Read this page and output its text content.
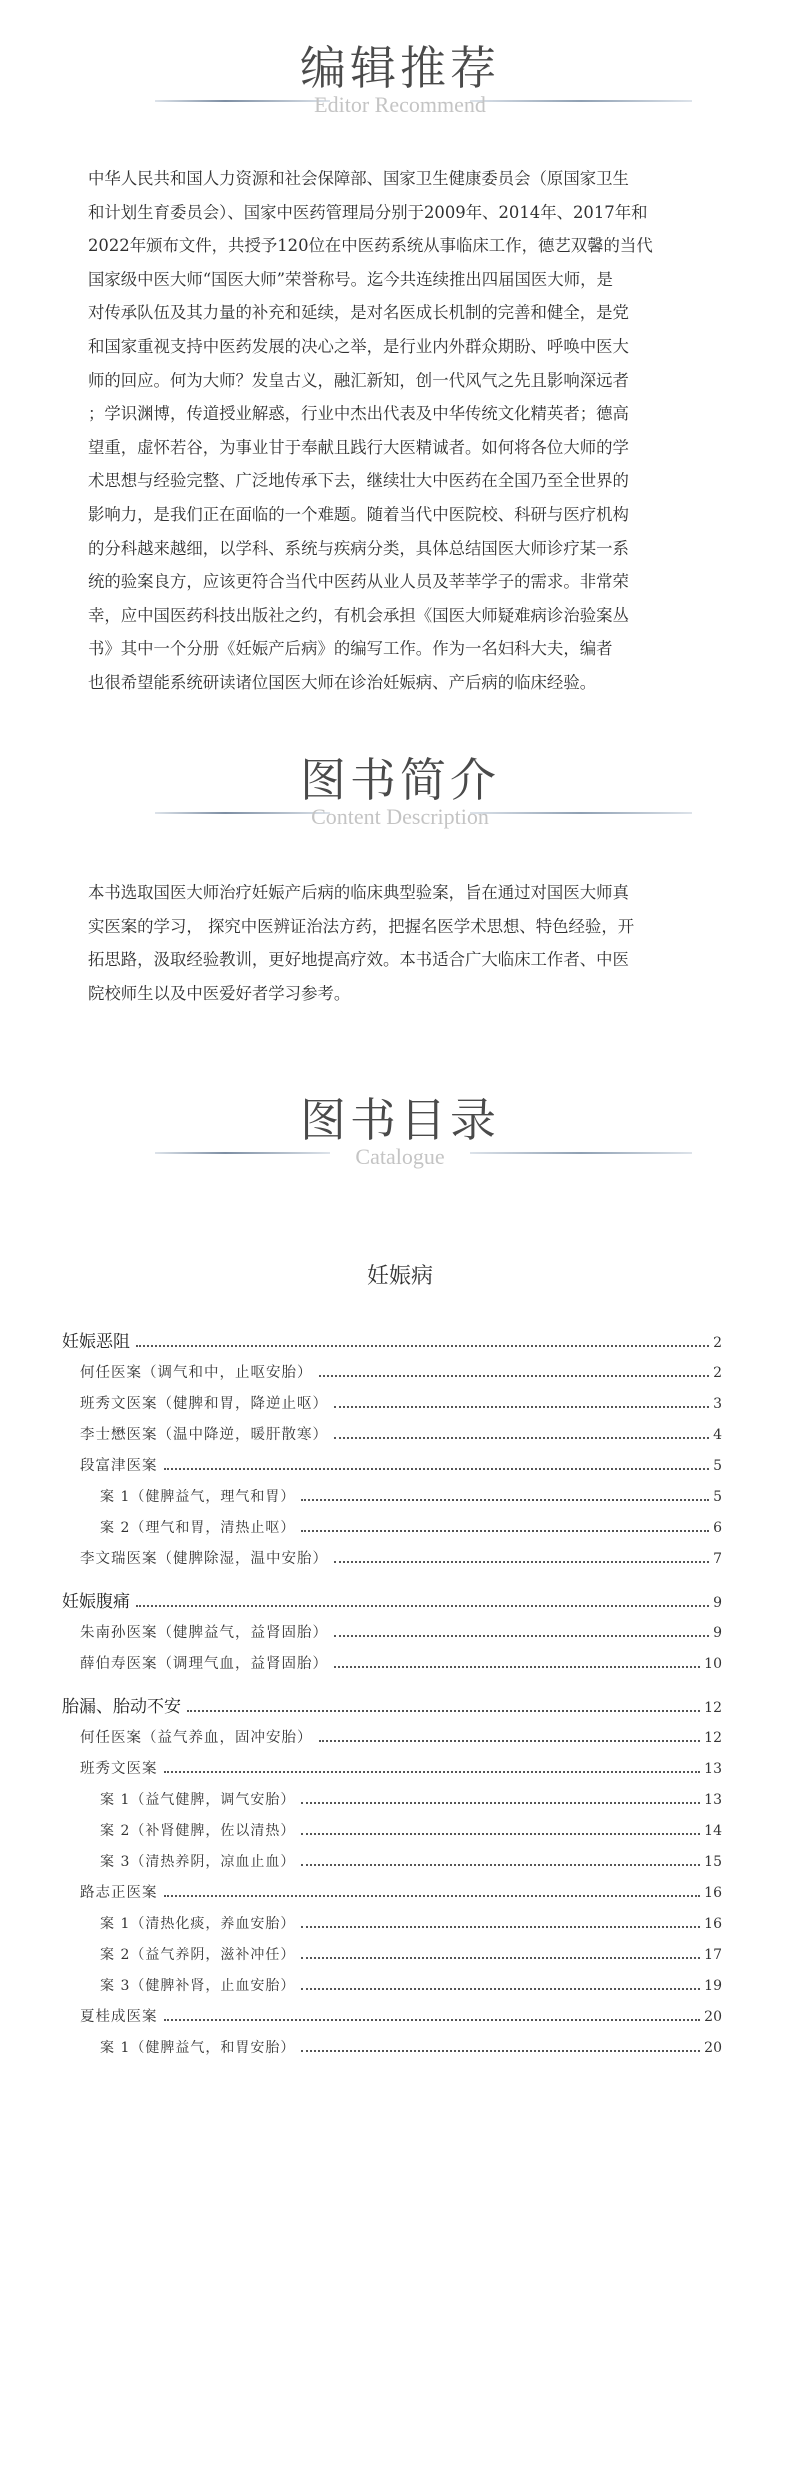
编辑推荐
Editor Recommend
中华人民共和国人力资源和社会保障部、国家卫生健康委员会（原国家卫生
和计划生育委员会）、国家中医药管理局分别于2009年、2014年、2017年和
2022年颁布文件，共授予120位在中医药系统从事临床工作，德艺双馨的当代
国家级中医大师“国医大师”荣誉称号。迄今共连续推出四届国医大师，是
对传承队伍及其力量的补充和延续，是对名医成长机制的完善和健全，是党
和国家重视支持中医药发展的决心之举，是行业内外群众期盼、呼唤中医大
师的回应。何为大师？发皇古义，融汇新知，创一代风气之先且影响深远者
；学识渊博，传道授业解惑，行业中杰出代表及中华传统文化精英者；德高
望重，虚怀若谷，为事业甘于奉献且践行大医精诚者。如何将各位大师的学
术思想与经验完整、广泛地传承下去，继续壮大中医药在全国乃至全世界的
影响力，是我们正在面临的一个难题。随着当代中医院校、科研与医疗机构
的分科越来越细，以学科、系统与疾病分类，具体总结国医大师诊疗某一系
统的验案良方，应该更符合当代中医药从业人员及莘莘学子的需求。非常荣
幸，应中国医药科技出版社之约，有机会承担《国医大师疑难病诊治验案丛
书》其中一个分册《妊娠产后病》的编写工作。作为一名妇科大夫，编者
也很希望能系统研读诸位国医大师在诊治妊娠病、产后病的临床经验。
图书简介
Content Description
本书选取国医大师治疗妊娠产后病的临床典型验案，旨在通过对国医大师真
实医案的学习， 探究中医辨证治法方药，把握名医学术思想、特色经验，开
拓思路，汲取经验教训，更好地提高疗效。本书适合广大临床工作者、中医
院校师生以及中医爱好者学习参考。
图书目录
Catalogue
妊娠病
妊娠恶阻	2
何任医案（调气和中，止呕安胎）	2
班秀文医案（健脾和胃，降逆止呕）	3
李士懋医案（温中降逆，暖肝散寒）	4
段富津医案	5
案 1（健脾益气，理气和胃）	5
案 2（理气和胃，清热止呕）	6
李文瑞医案（健脾除湿，温中安胎）	7
妊娠腹痛	9
朱南孙医案（健脾益气，益肾固胎）	9
薛伯寿医案（调理气血，益肾固胎）	10
胎漏、胎动不安	12
何任医案（益气养血，固冲安胎）	12
班秀文医案	13
案 1（益气健脾，调气安胎）	13
案 2（补肾健脾，佐以清热）	14
案 3（清热养阴，凉血止血）	15
路志正医案	16
案 1（清热化痰，养血安胎）	16
案 2（益气养阴，滋补冲任）	17
案 3（健脾补肾，止血安胎）	19
夏桂成医案	20
案 1（健脾益气，和胃安胎）	20
